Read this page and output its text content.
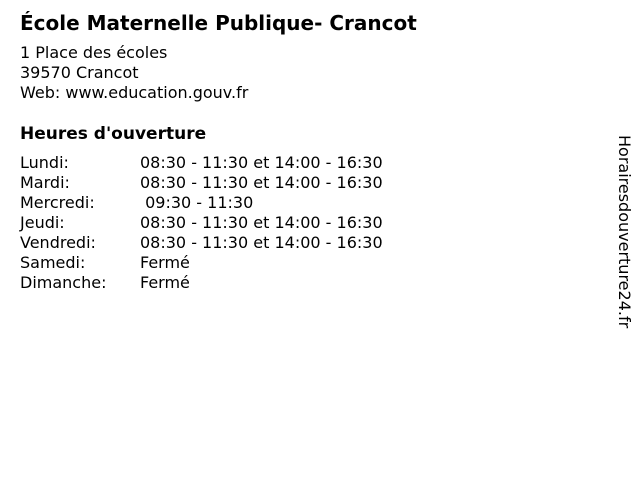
École Maternelle Publique- Crancot
1 Place des écoles
39570 Crancot
Web: www.education.gouv.fr
Heures d'ouverture
Lundi:	08:30 - 11:30 et 14:00 - 16:30
Mardi:	08:30 - 11:30 et 14:00 - 16:30
Mercredi:	09:30 - 11:30
Jeudi:	08:30 - 11:30 et 14:00 - 16:30
Vendredi:	08:30 - 11:30 et 14:00 - 16:30
Samedi:	Fermé
Dimanche:	Fermé	Horairesdouverture24.fr
